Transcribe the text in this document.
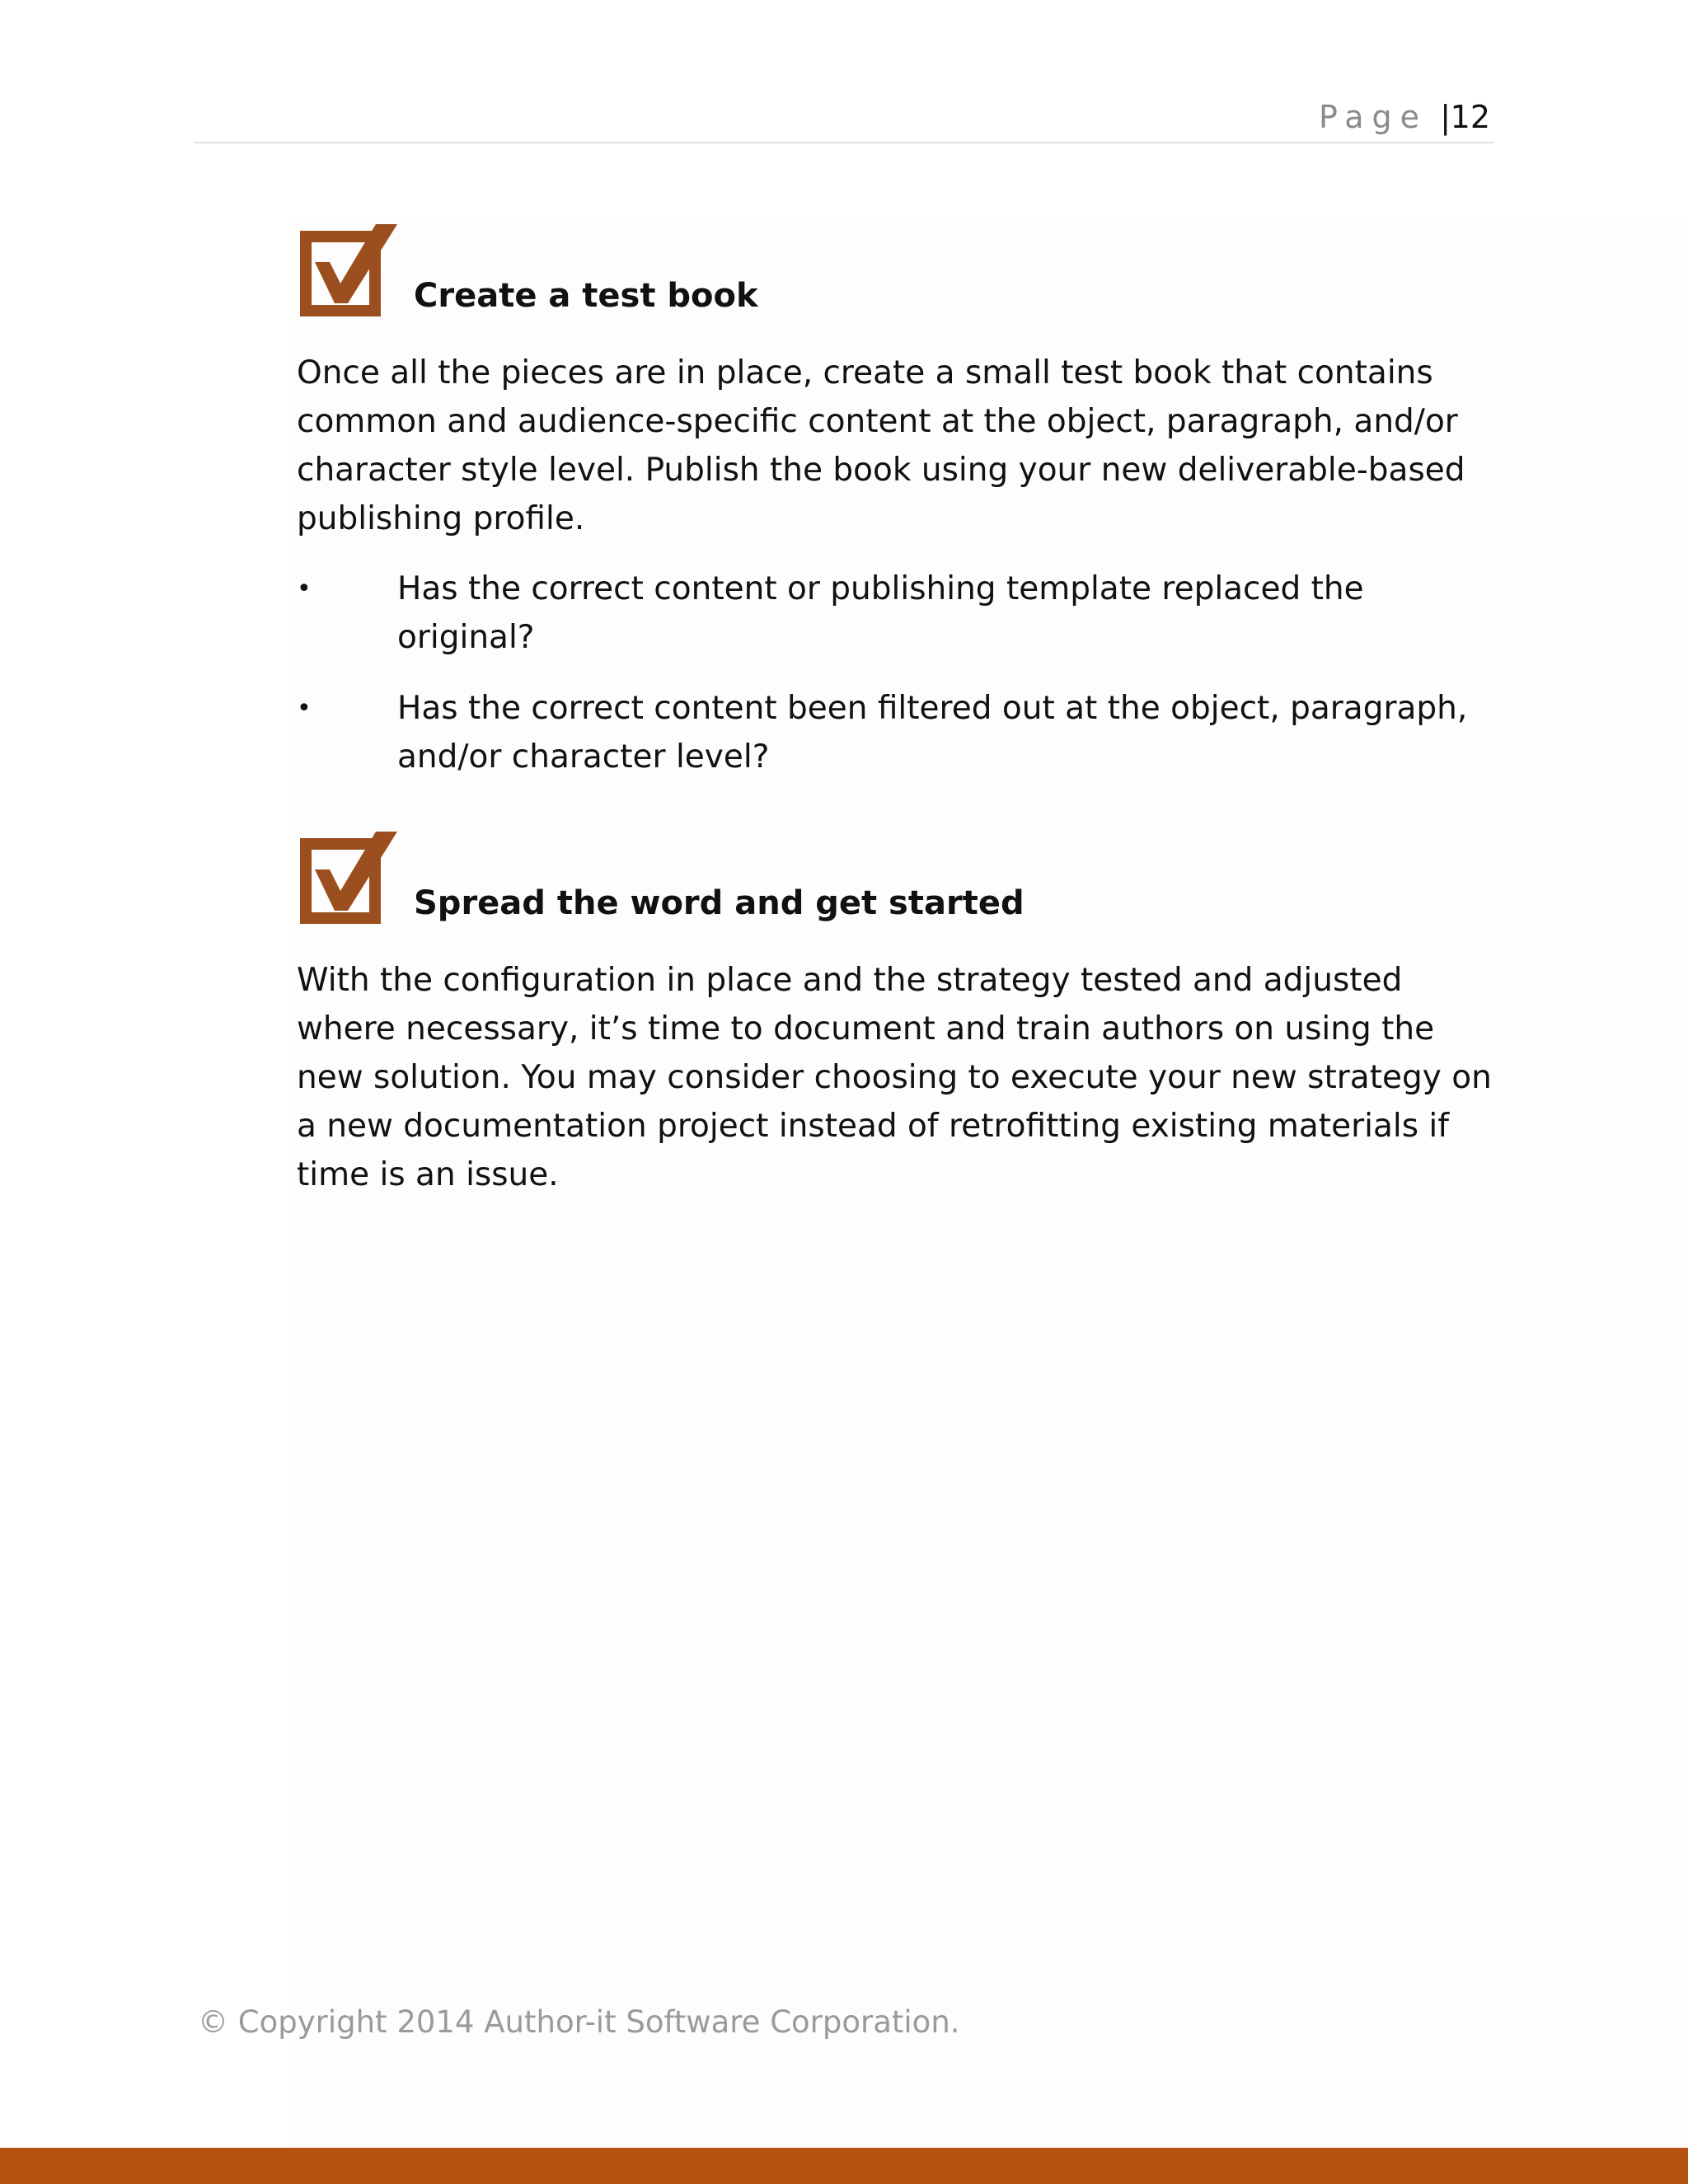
Page | 12
Create a test book

Once all the pieces are in place, create a small test book that contains common and audience-specific content at the object, paragraph, and/or character style level. Publish the book using your new deliverable-based publishing profile.

•	Has the correct content or publishing template replaced the original?
•	Has the correct content been filtered out at the object, paragraph, and/or character level?
Spread the word and get started

With the configuration in place and the strategy tested and adjusted where necessary, it’s time to document and train authors on using the new solution. You may consider choosing to execute your new strategy on a new documentation project instead of retrofitting existing materials if time is an issue.

© Copyright 2014 Author-it Software Corporation.
